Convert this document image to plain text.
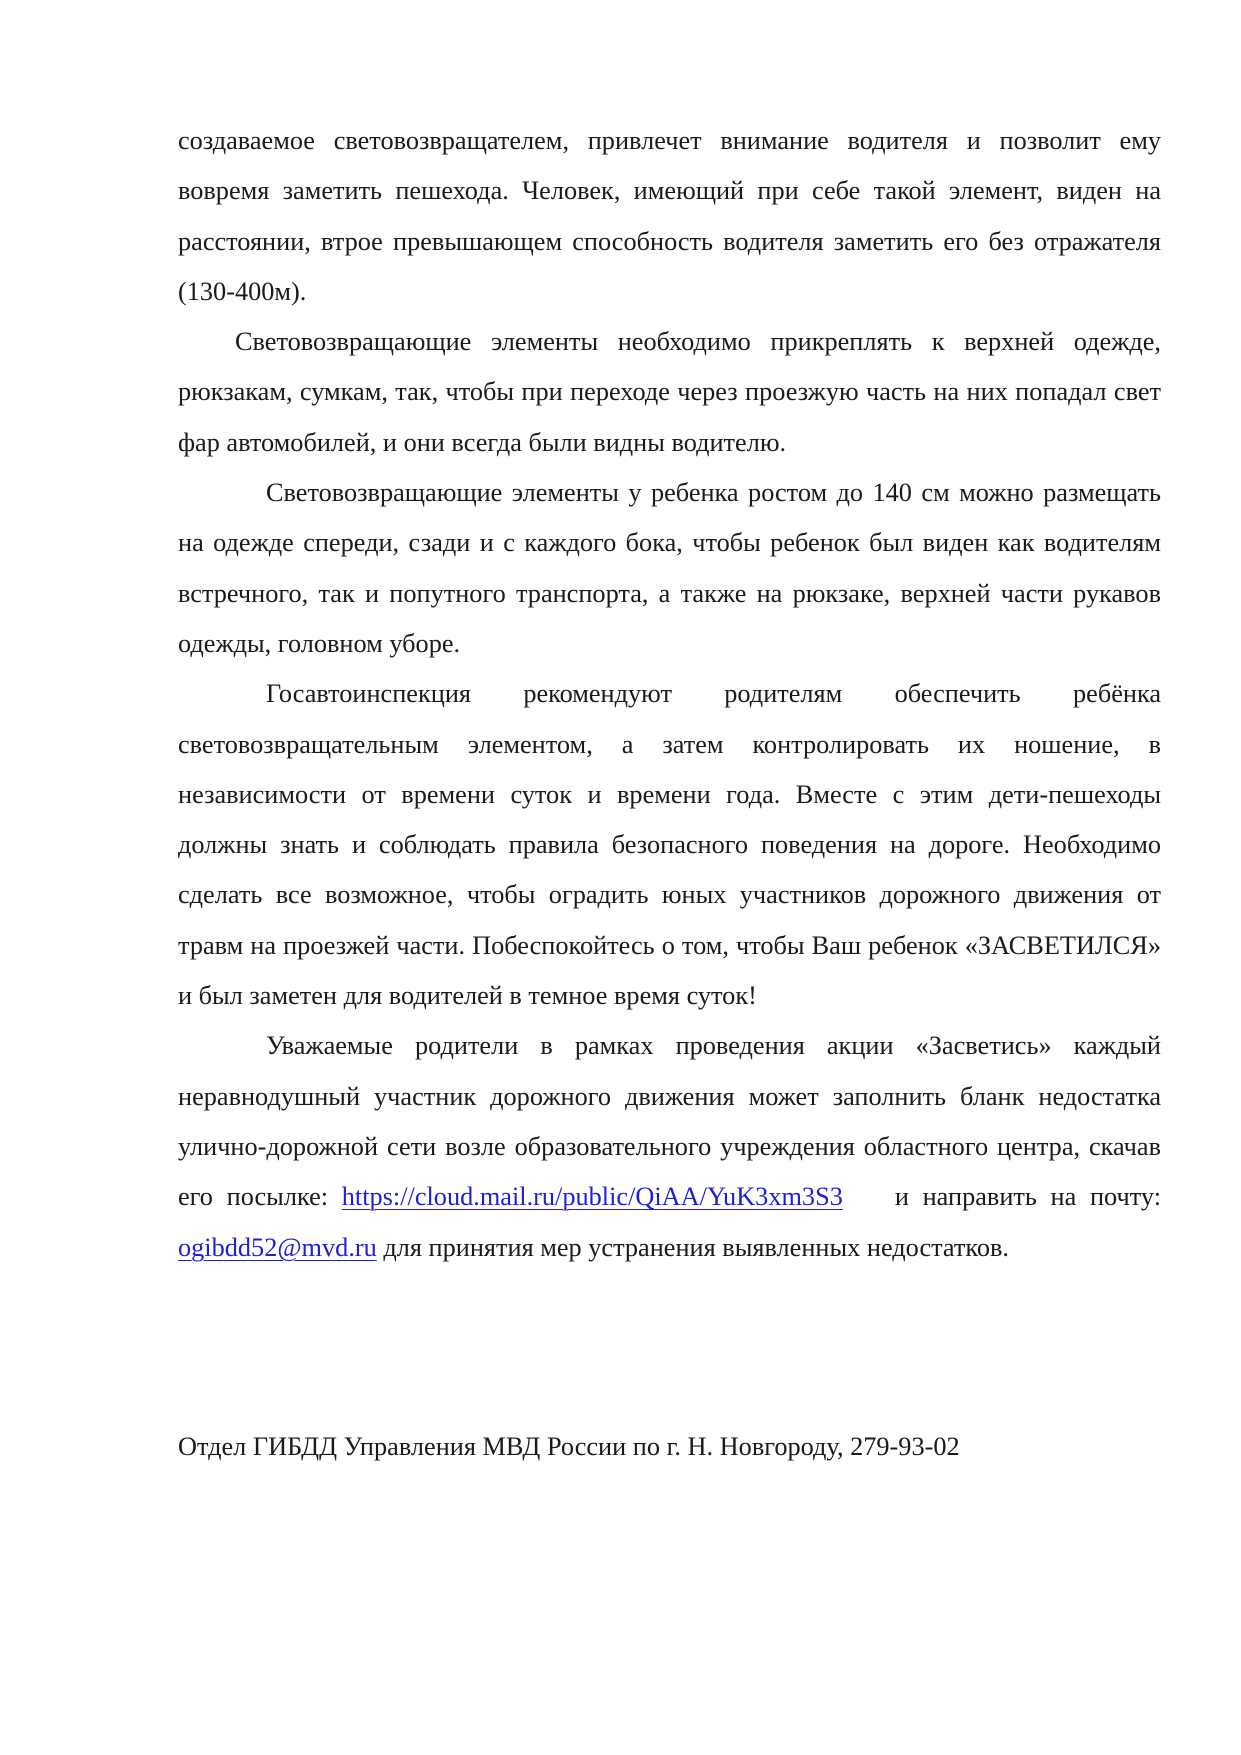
создаваемое световозвращателем, привлечет внимание водителя и позволит ему вовремя заметить пешехода. Человек, имеющий при себе такой элемент, виден на расстоянии, втрое превышающем способность водителя заметить его без отражателя (130-400м).

Световозвращающие элементы необходимо прикреплять к верхней одежде, рюкзакам, сумкам, так, чтобы при переходе через проезжую часть на них попадал свет фар автомобилей, и они всегда были видны водителю.

Световозвращающие элементы у ребенка ростом до 140 см можно размещать на одежде спереди, сзади и с каждого бока, чтобы ребенок был виден как водителям встречного, так и попутного транспорта, а также на рюкзаке, верхней части рукавов одежды, головном уборе.

Госавтоинспекция рекомендуют родителям обеспечить ребёнка световозвращательным элементом, а затем контролировать их ношение, в независимости от времени суток и времени года. Вместе с этим дети-пешеходы должны знать и соблюдать правила безопасного поведения на дороге. Необходимо сделать все возможное, чтобы оградить юных участников дорожного движения от травм на проезжей части. Побеспокойтесь о том, чтобы Ваш ребенок «ЗАСВЕТИЛСЯ» и был заметен для водителей в темное время суток!

Уважаемые родители в рамках проведения акции «Засветись» каждый неравнодушный участник дорожного движения может заполнить бланк недостатка улично-дорожной сети возле образовательного учреждения областного центра, скачав его посылке: https://cloud.mail.ru/public/QiAA/YuK3xm3S3 и направить на почту: ogibdd52@mvd.ru для принятия мер устранения выявленных недостатков.

Отдел ГИБДД Управления МВД России по г. Н. Новгороду, 279-93-02
